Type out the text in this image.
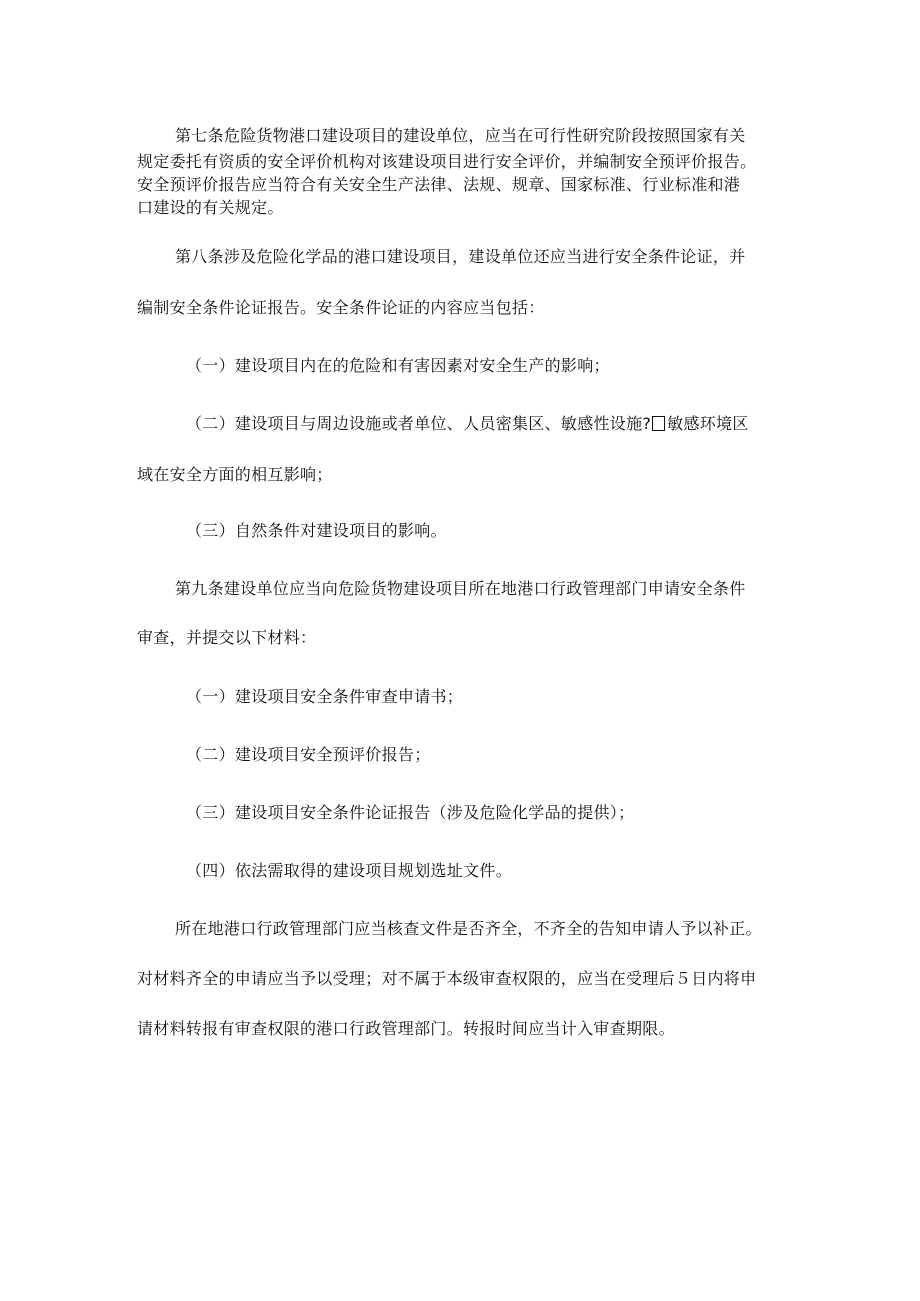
第七条危险货物港口建设项目的建设单位，应当在可行性研究阶段按照国家有关
规定委托有资质的安全评价机构对该建设项目进行安全评价，并编制安全预评价报告。
安全预评价报告应当符合有关安全生产法律、法规、规章、国家标准、行业标准和港
口建设的有关规定。
第八条涉及危险化学品的港口建设项目，建设单位还应当进行安全条件论证，并
编制安全条件论证报告。安全条件论证的内容应当包括：
（一）建设项目内在的危险和有害因素对安全生产的影响；
（二）建设项目与周边设施或者单位、人员密集区、敏感性设施? 敏感环境区
域在安全方面的相互影响；
（三）自然条件对建设项目的影响。
第九条建设单位应当向危险货物建设项目所在地港口行政管理部门申请安全条件
审查，并提交以下材料：
（一）建设项目安全条件审查申请书；
（二）建设项目安全预评价报告；
（三）建设项目安全条件论证报告（涉及危险化学品的提供）；
（四）依法需取得的建设项目规划选址文件。
所在地港口行政管理部门应当核查文件是否齐全，不齐全的告知申请人予以补正。
对材料齐全的申请应当予以受理；对不属于本级审查权限的，应当在受理后５日内将申
请材料转报有审查权限的港口行政管理部门。转报时间应当计入审查期限。
